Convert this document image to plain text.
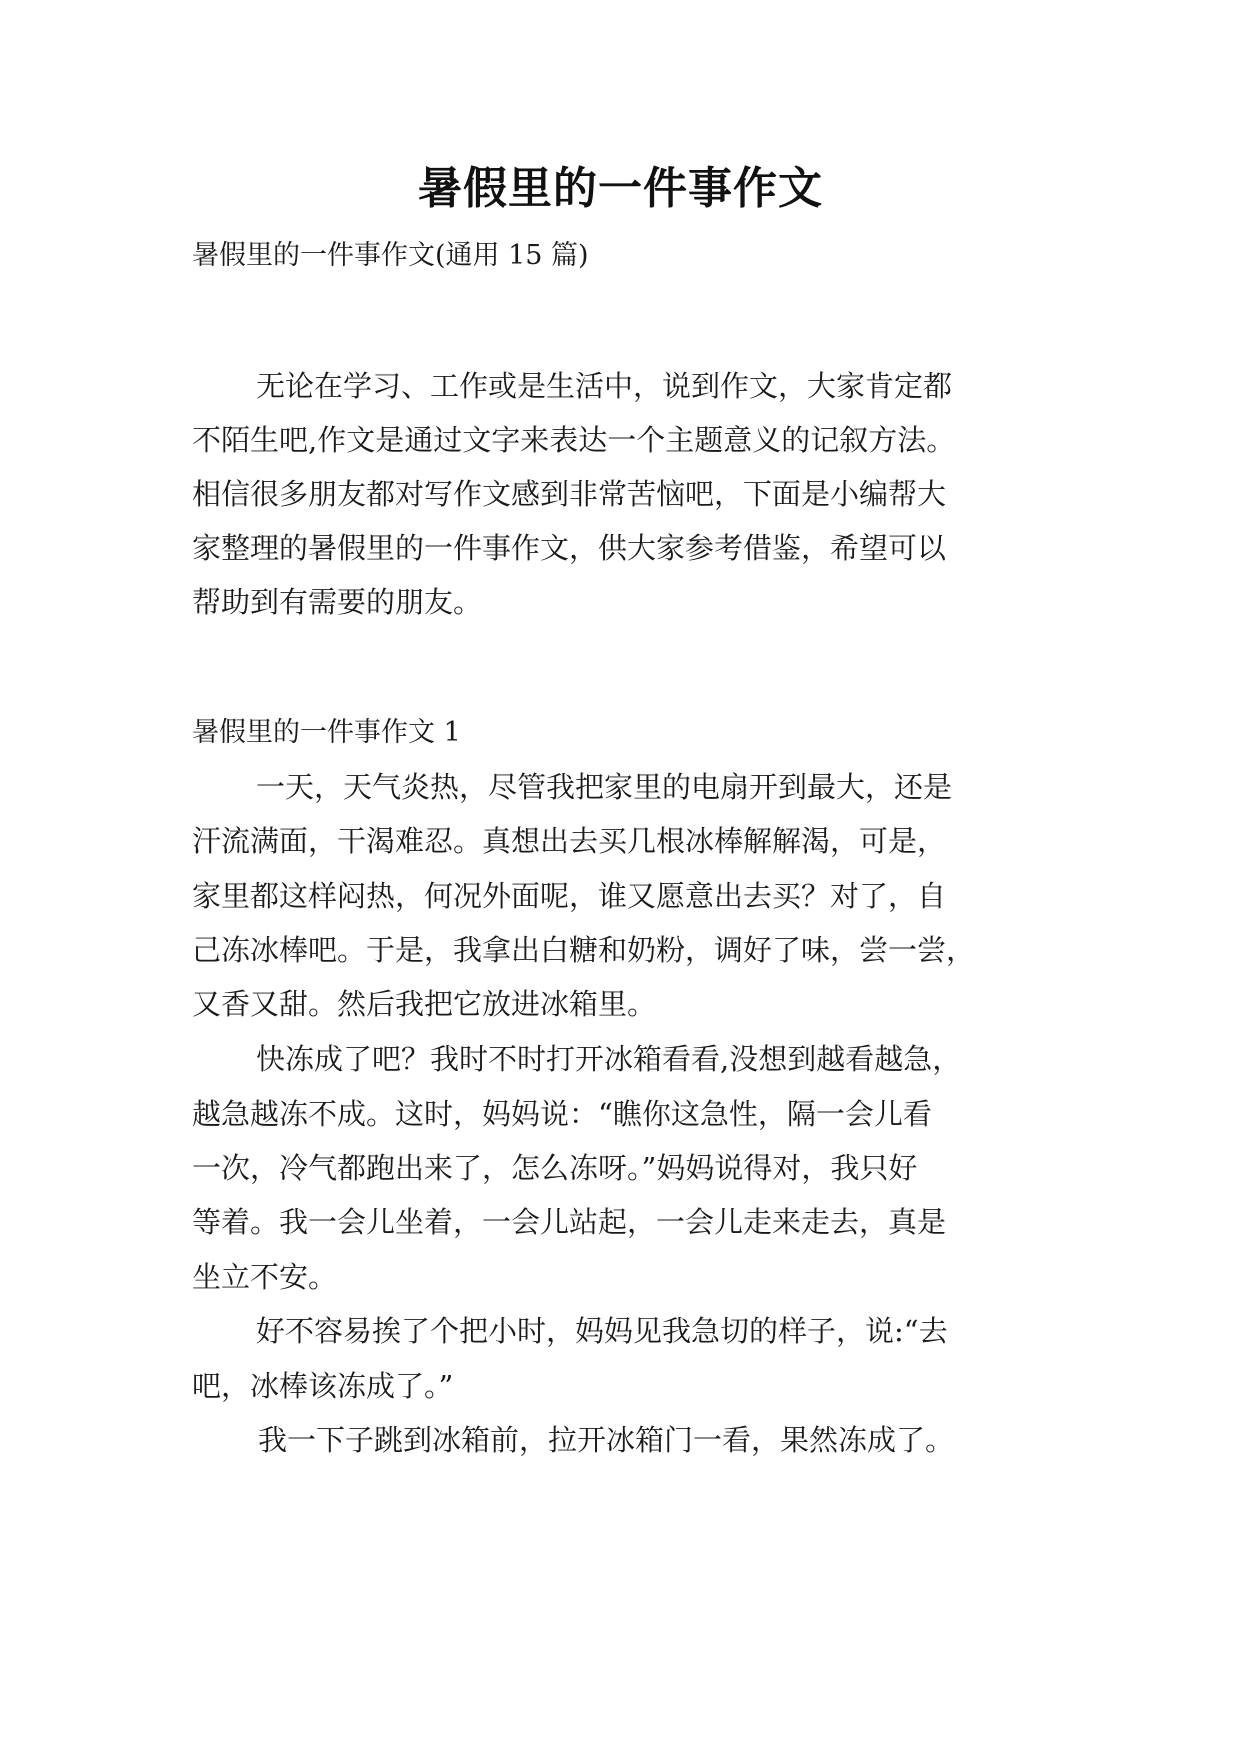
暑假里的一件事作文

暑假里的一件事作文(通用 15 篇)

无论在学习、工作或是生活中，说到作文，大家肯定都

不陌生吧,作文是通过文字来表达一个主题意义的记叙方法。

相信很多朋友都对写作文感到非常苦恼吧，下面是小编帮大

家整理的暑假里的一件事作文，供大家参考借鉴，希望可以

帮助到有需要的朋友。

暑假里的一件事作文 1

一天，天气炎热，尽管我把家里的电扇开到最大，还是

汗流满面，干渴难忍。真想出去买几根冰棒解解渴，可是，

家里都这样闷热，何况外面呢，谁又愿意出去买？对了，自

己冻冰棒吧。于是，我拿出白糖和奶粉，调好了味，尝一尝，

又香又甜。然后我把它放进冰箱里。

快冻成了吧？我时不时打开冰箱看看,没想到越看越急，

越急越冻不成。这时，妈妈说：“瞧你这急性，隔一会儿看

一次，冷气都跑出来了，怎么冻呀。”妈妈说得对，我只好

等着。我一会儿坐着，一会儿站起，一会儿走来走去，真是

坐立不安。

好不容易挨了个把小时，妈妈见我急切的样子，说:“去

吧，冰棒该冻成了。”

我一下子跳到冰箱前，拉开冰箱门一看，果然冻成了。
